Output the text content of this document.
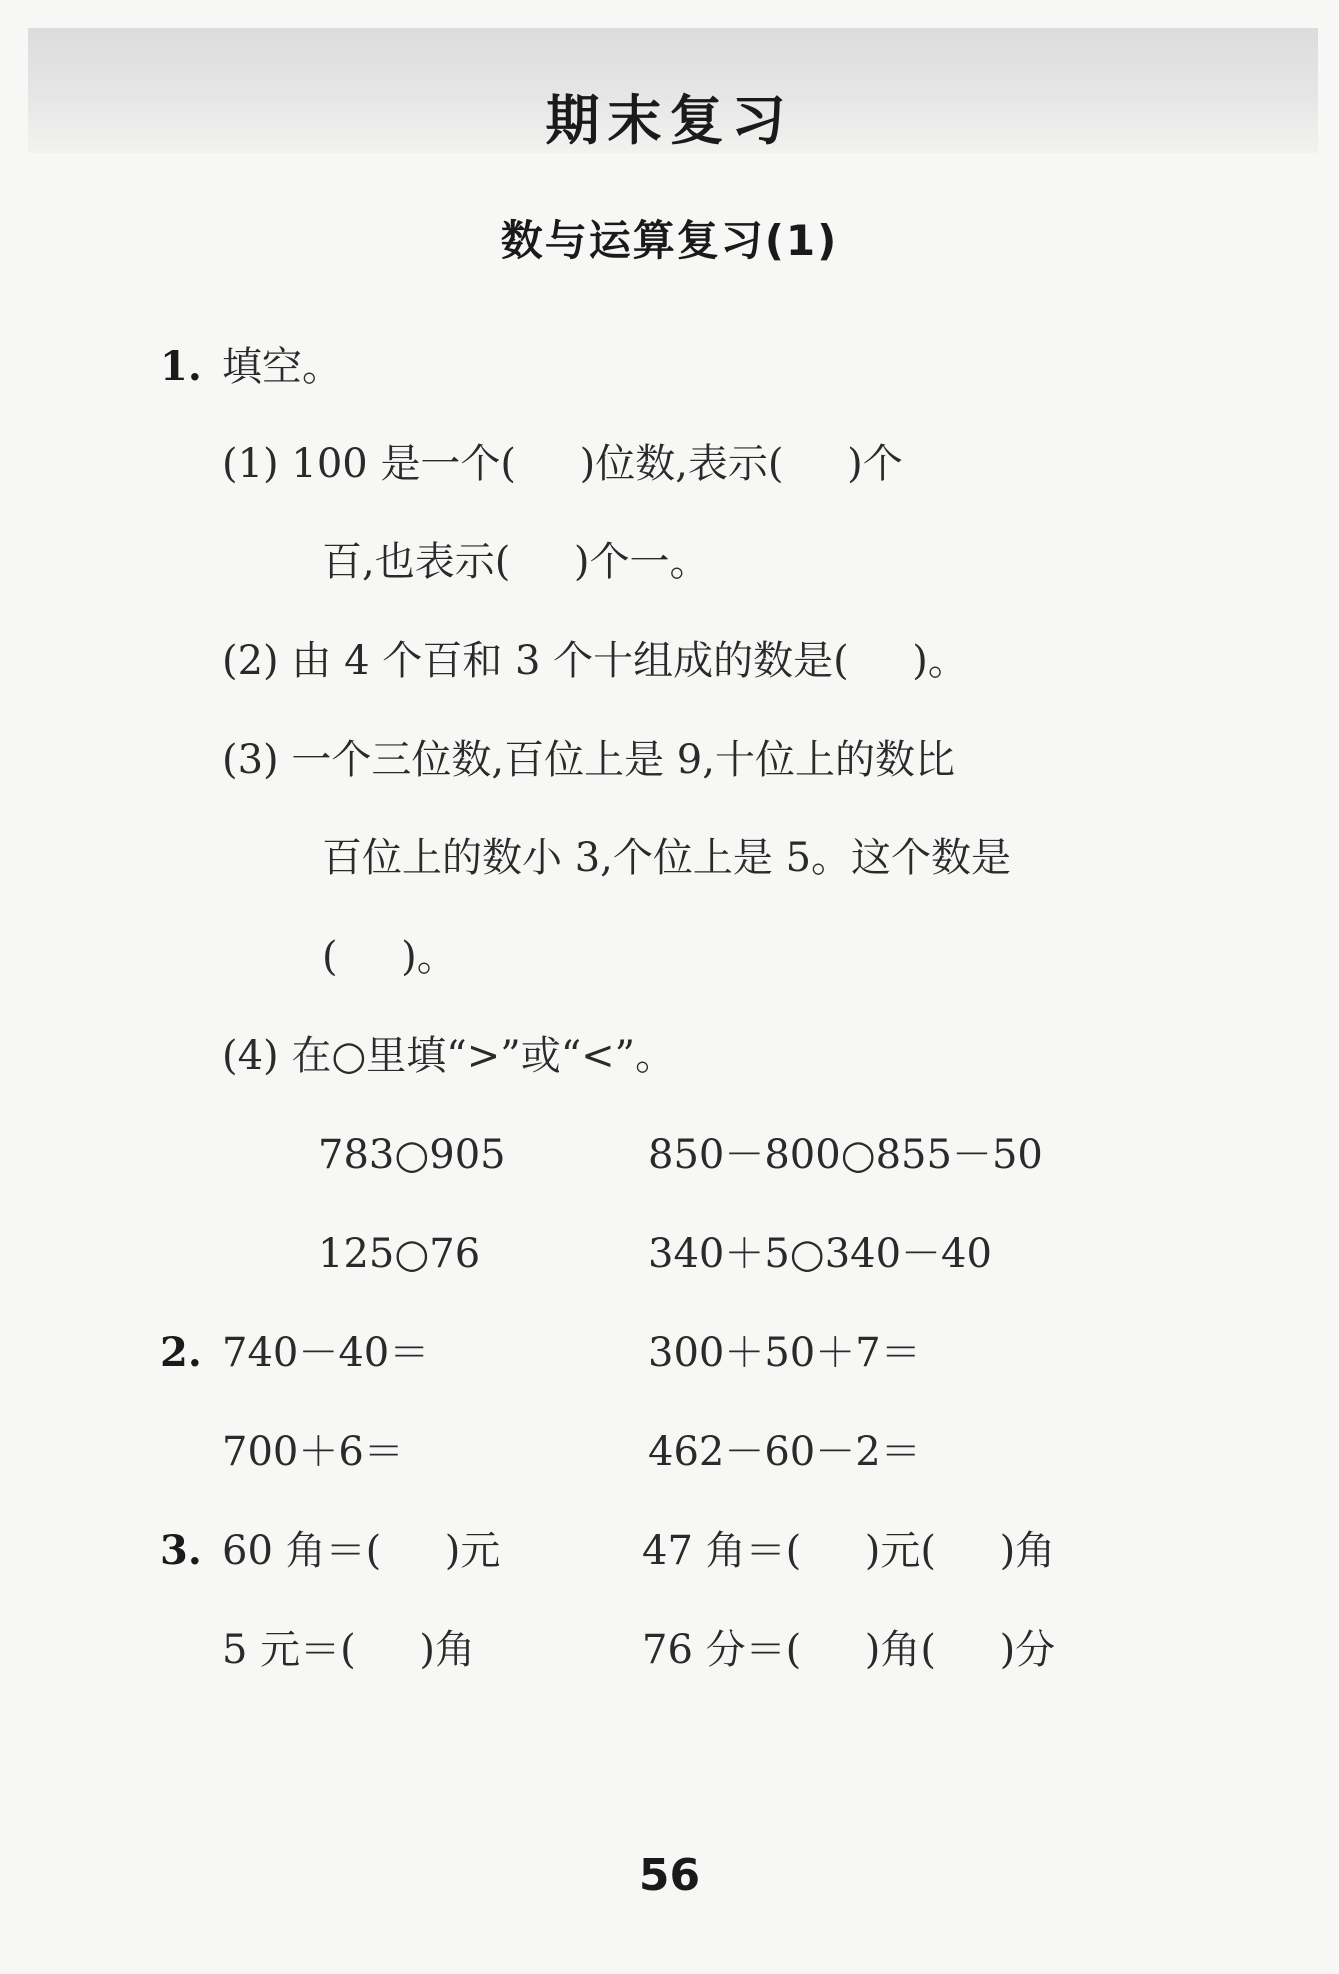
期末复习
数与运算复习(1)
1. 填空。
(1) 100 是一个(     )位数,表示(     )个
百,也表示(     )个一。
(2) 由 4 个百和 3 个十组成的数是(     )。
(3) 一个三位数,百位上是 9,十位上的数比
百位上的数小 3,个位上是 5。这个数是
(     )。
(4) 在○里填“>”或“<”。
783○905	850－800○855－50
125○76	340＋5○340－40
2. 740－40＝	300＋50＋7＝
700＋6＝	462－60－2＝
3. 60 角＝(     )元	47 角＝(     )元(     )角
5 元＝(     )角	76 分＝(     )角(     )分
56
